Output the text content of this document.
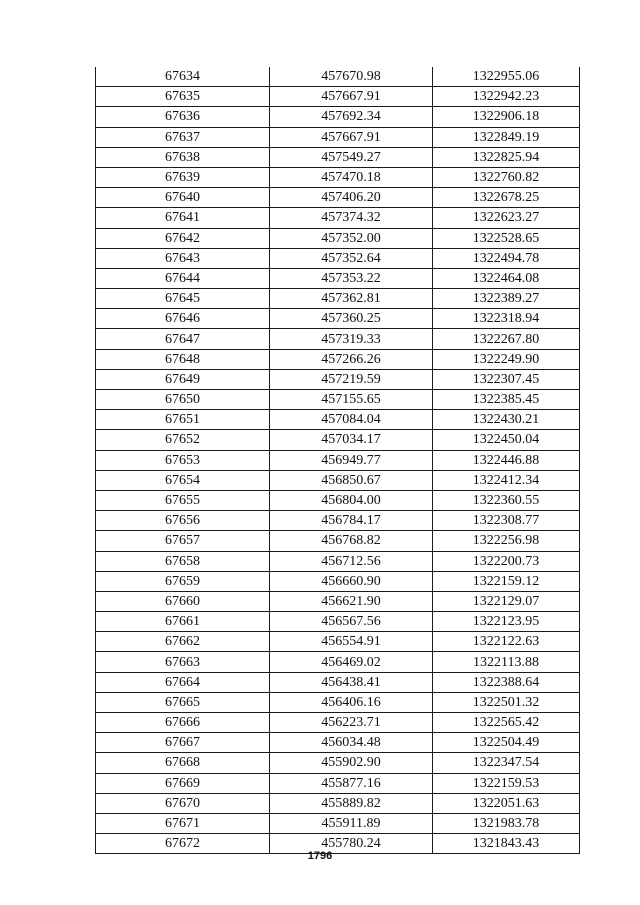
67634	457670.98	1322955.06
67635	457667.91	1322942.23
67636	457692.34	1322906.18
67637	457667.91	1322849.19
67638	457549.27	1322825.94
67639	457470.18	1322760.82
67640	457406.20	1322678.25
67641	457374.32	1322623.27
67642	457352.00	1322528.65
67643	457352.64	1322494.78
67644	457353.22	1322464.08
67645	457362.81	1322389.27
67646	457360.25	1322318.94
67647	457319.33	1322267.80
67648	457266.26	1322249.90
67649	457219.59	1322307.45
67650	457155.65	1322385.45
67651	457084.04	1322430.21
67652	457034.17	1322450.04
67653	456949.77	1322446.88
67654	456850.67	1322412.34
67655	456804.00	1322360.55
67656	456784.17	1322308.77
67657	456768.82	1322256.98
67658	456712.56	1322200.73
67659	456660.90	1322159.12
67660	456621.90	1322129.07
67661	456567.56	1322123.95
67662	456554.91	1322122.63
67663	456469.02	1322113.88
67664	456438.41	1322388.64
67665	456406.16	1322501.32
67666	456223.71	1322565.42
67667	456034.48	1322504.49
67668	455902.90	1322347.54
67669	455877.16	1322159.53
67670	455889.82	1322051.63
67671	455911.89	1321983.78
67672	455780.24	1321843.43
1796
